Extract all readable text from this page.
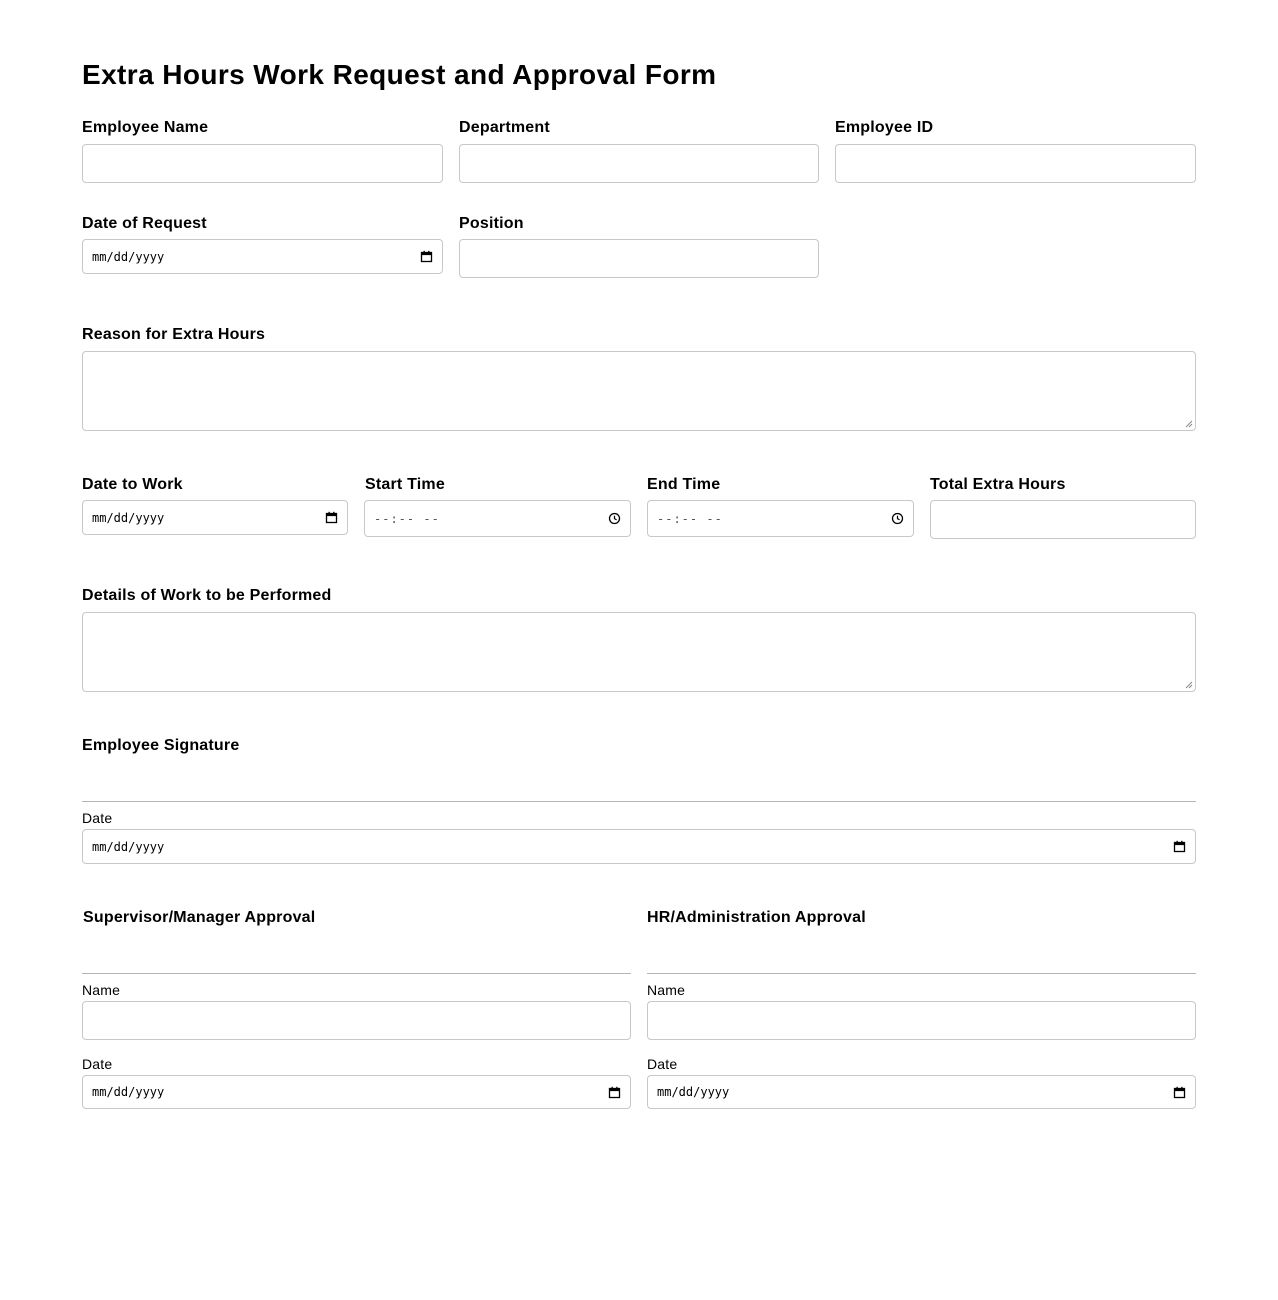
Extra Hours Work Request and Approval Form
Employee Name	Department	Employee ID
Date of Request
mm/dd/yyyy
Position
Reason for Extra Hours
Date to Work
mm/dd/yyyy
Start Time
--:-- --
End Time
--:-- --
Total Extra Hours
Details of Work to be Performed
Employee Signature
Date
mm/dd/yyyy
Supervisor/Manager Approval
Name
Date
mm/dd/yyyy
HR/Administration Approval
Name
Date
mm/dd/yyyy
